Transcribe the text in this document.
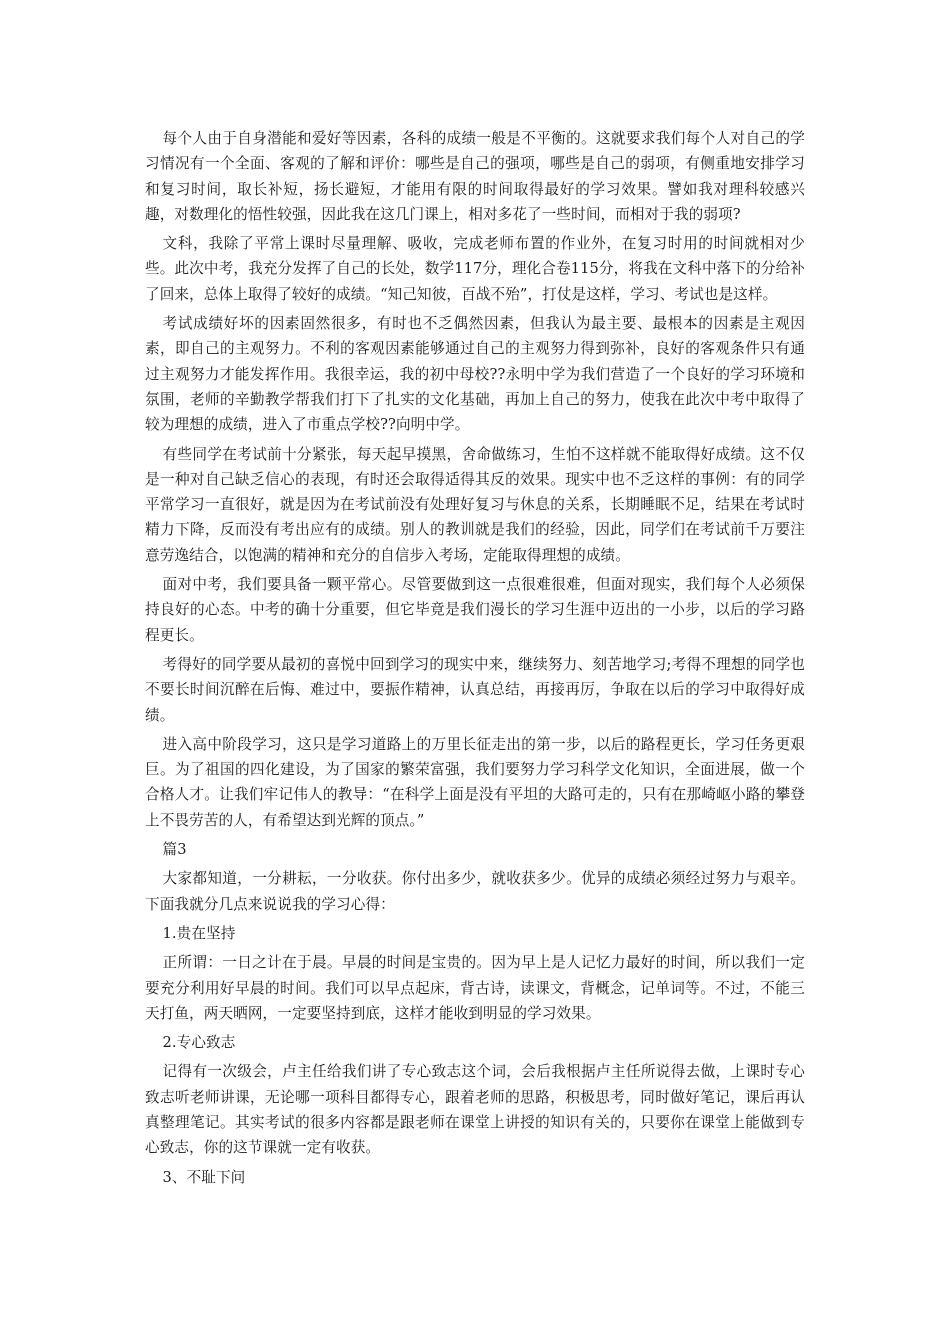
每个人由于自身潜能和爱好等因素，各科的成绩一般是不平衡的。这就要求我们每个人对自己的学习情况有一个全面、客观的了解和评价：哪些是自己的强项，哪些是自己的弱项，有侧重地安排学习和复习时间，取长补短，扬长避短，才能用有限的时间取得最好的学习效果。譬如我对理科较感兴趣，对数理化的悟性较强，因此我在这几门课上，相对多花了一些时间，而相对于我的弱项?

文科，我除了平常上课时尽量理解、吸收，完成老师布置的作业外，在复习时用的时间就相对少些。此次中考，我充分发挥了自己的长处，数学117分，理化合卷115分，将我在文科中落下的分给补了回来，总体上取得了较好的成绩。“知己知彼，百战不殆”，打仗是这样，学习、考试也是这样。

考试成绩好坏的因素固然很多，有时也不乏偶然因素，但我认为最主要、最根本的因素是主观因素，即自己的主观努力。不利的客观因素能够通过自己的主观努力得到弥补，良好的客观条件只有通过主观努力才能发挥作用。我很幸运，我的初中母校??永明中学为我们营造了一个良好的学习环境和氛围，老师的辛勤教学帮我们打下了扎实的文化基础，再加上自己的努力，使我在此次中考中取得了较为理想的成绩，进入了市重点学校??向明中学。

有些同学在考试前十分紧张，每天起早摸黑，舍命做练习，生怕不这样就不能取得好成绩。这不仅是一种对自己缺乏信心的表现，有时还会取得适得其反的效果。现实中也不乏这样的事例：有的同学平常学习一直很好，就是因为在考试前没有处理好复习与休息的关系，长期睡眠不足，结果在考试时精力下降，反而没有考出应有的成绩。别人的教训就是我们的经验，因此，同学们在考试前千万要注意劳逸结合，以饱满的精神和充分的自信步入考场，定能取得理想的成绩。

面对中考，我们要具备一颗平常心。尽管要做到这一点很难很难，但面对现实，我们每个人必须保持良好的心态。中考的确十分重要，但它毕竟是我们漫长的学习生涯中迈出的一小步，以后的学习路程更长。

考得好的同学要从最初的喜悦中回到学习的现实中来，继续努力、刻苦地学习;考得不理想的同学也不要长时间沉醉在后悔、难过中，要振作精神，认真总结，再接再厉，争取在以后的学习中取得好成绩。

进入高中阶段学习，这只是学习道路上的万里长征走出的第一步，以后的路程更长，学习任务更艰巨。为了祖国的四化建设，为了国家的繁荣富强，我们要努力学习科学文化知识，全面进展，做一个合格人才。让我们牢记伟人的教导：“在科学上面是没有平坦的大路可走的，只有在那崎岖小路的攀登上不畏劳苦的人，有希望达到光辉的顶点。”

篇3

大家都知道，一分耕耘，一分收获。你付出多少，就收获多少。优异的成绩必须经过努力与艰辛。下面我就分几点来说说我的学习心得：

1.贵在坚持

正所谓：一日之计在于晨。早晨的时间是宝贵的。因为早上是人记忆力最好的时间，所以我们一定要充分利用好早晨的时间。我们可以早点起床，背古诗，读课文，背概念，记单词等。不过，不能三天打鱼，两天晒网，一定要坚持到底，这样才能收到明显的学习效果。

2.专心致志

记得有一次级会，卢主任给我们讲了专心致志这个词，会后我根据卢主任所说得去做，上课时专心致志听老师讲课，无论哪一项科目都得专心，跟着老师的思路，积极思考，同时做好笔记，课后再认真整理笔记。其实考试的很多内容都是跟老师在课堂上讲授的知识有关的，只要你在课堂上能做到专心致志，你的这节课就一定有收获。

3、不耻下问
